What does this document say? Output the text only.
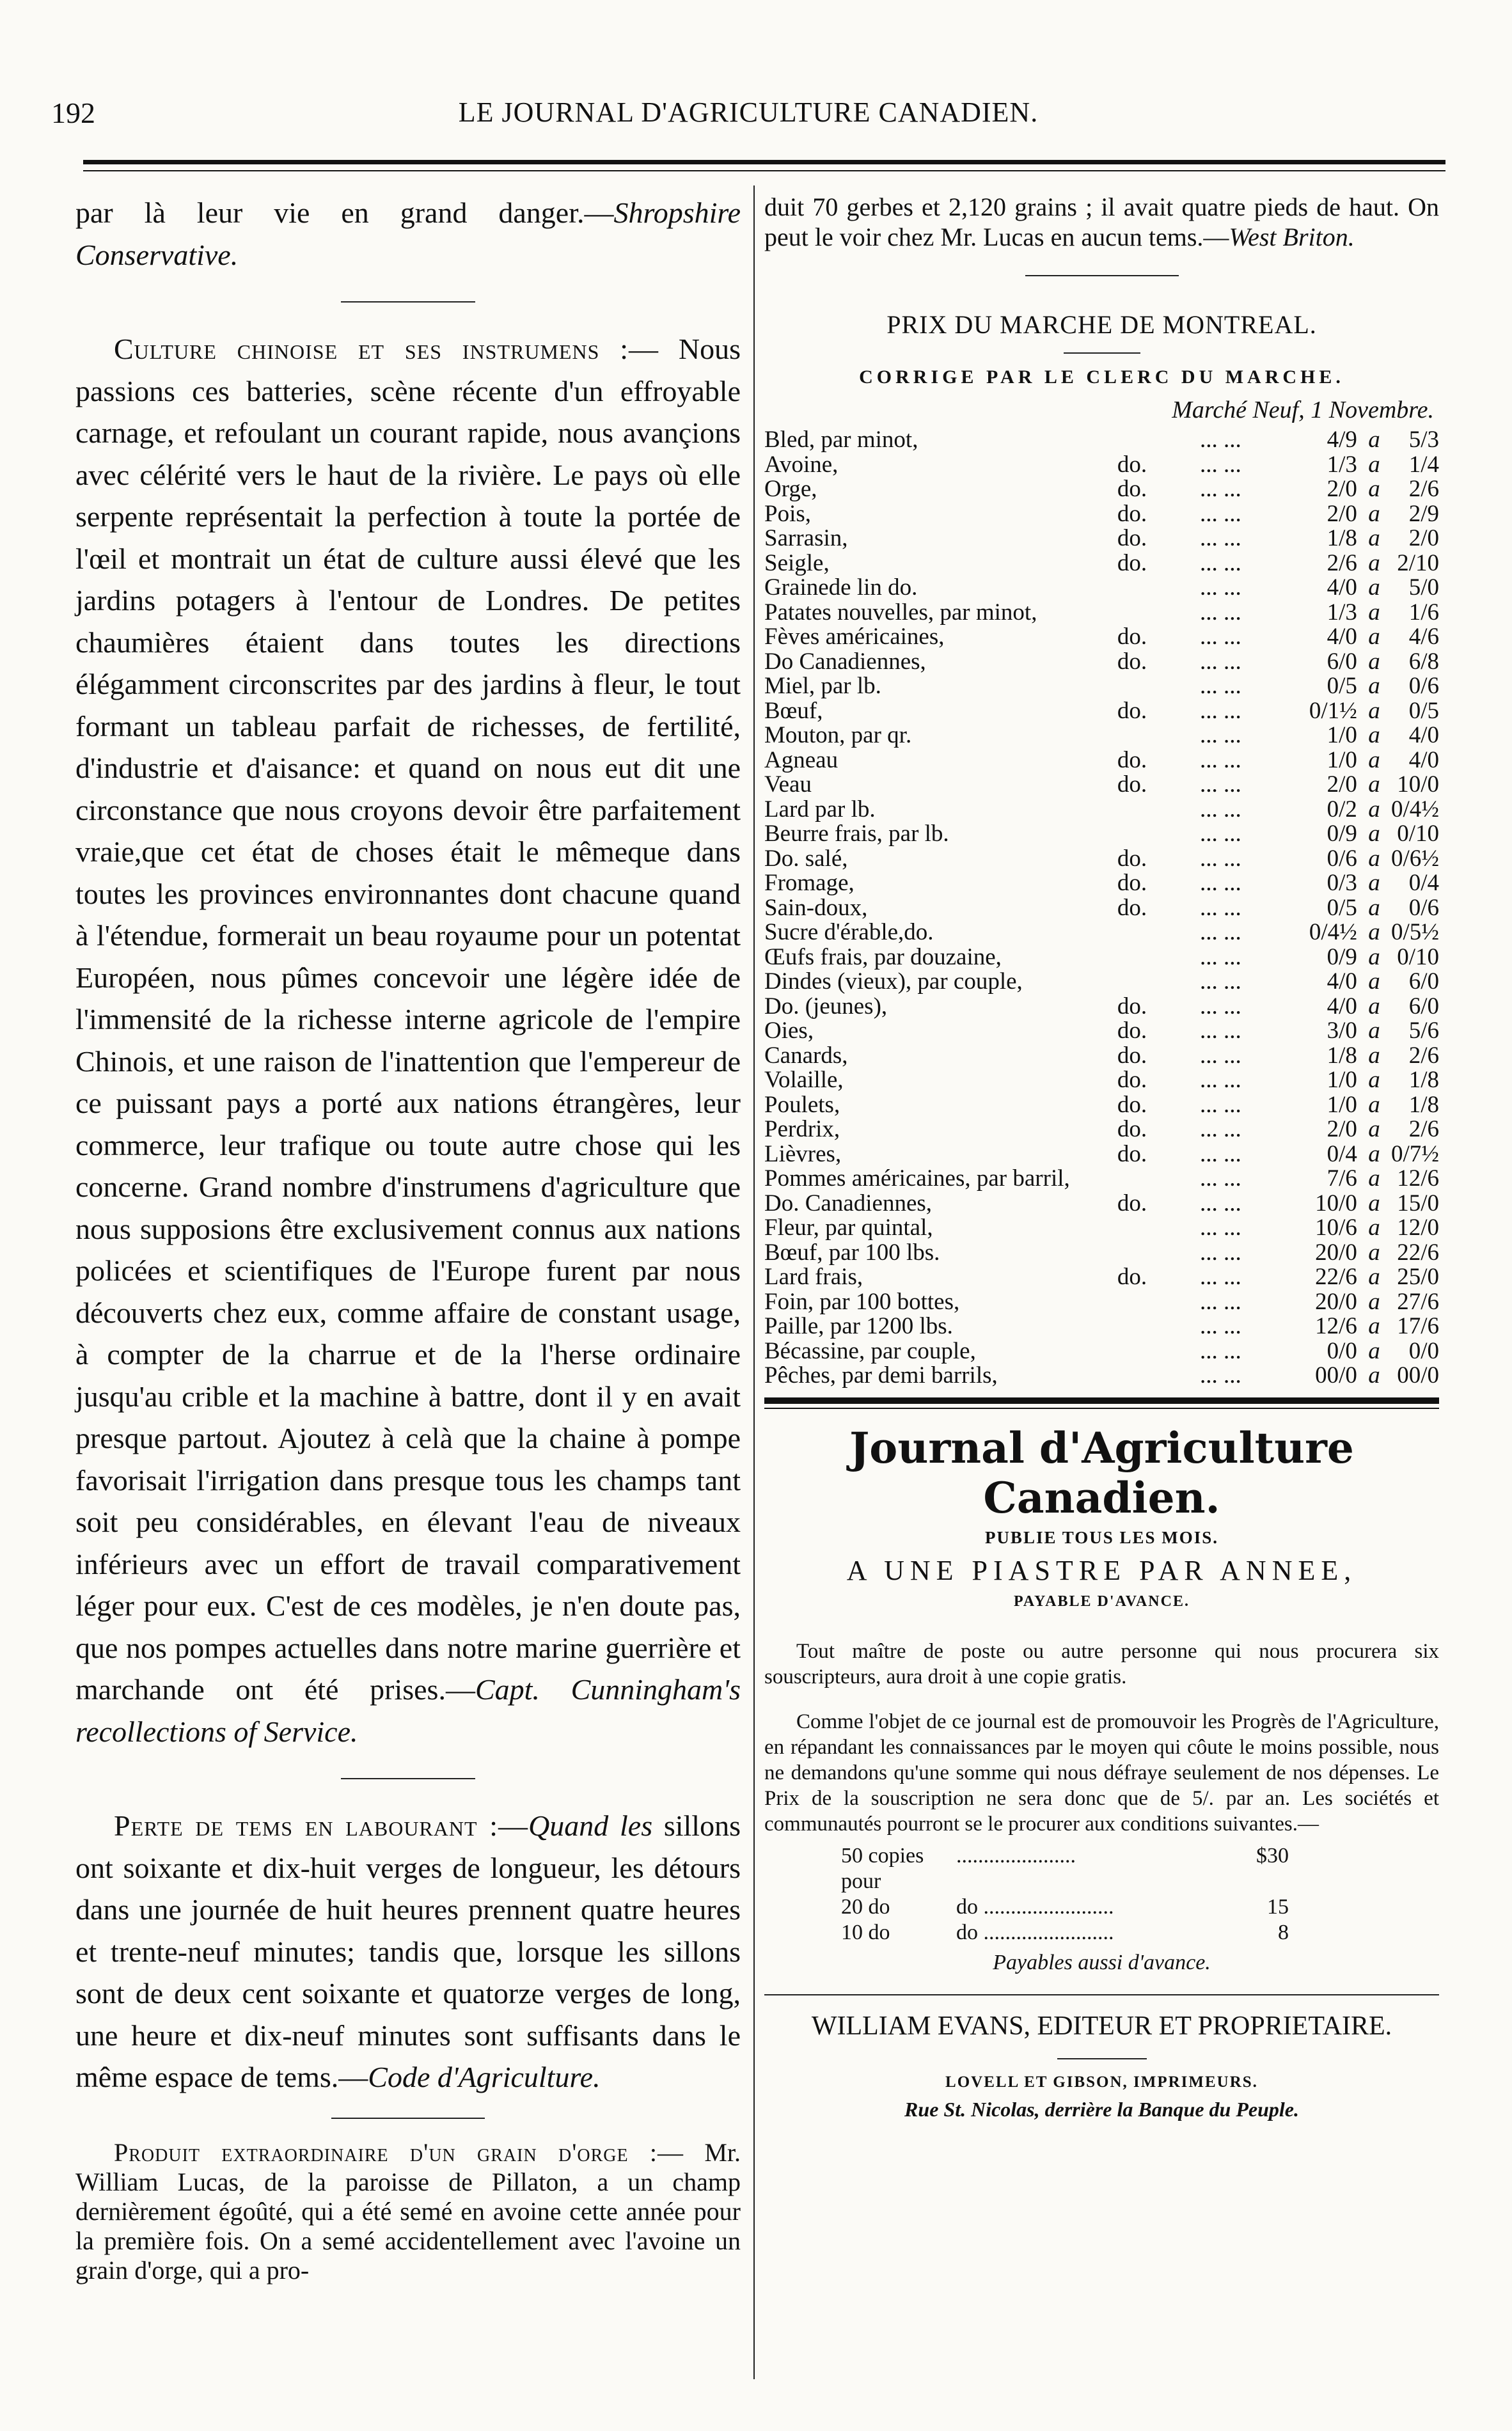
192	LE JOURNAL D'AGRICULTURE CANADIEN.

par là leur vie en grand danger.—Shropshire Conservative.

Culture chinoise et ses instrumens :— Nous passions ces batteries, scène récente d'un effroyable carnage, et refoulant un courant rapide, nous avançions avec célérité vers le haut de la rivière. Le pays où elle serpente représentait la perfection à toute la portée de l'œil et montrait un état de culture aussi élevé que les jardins potagers à l'entour de Londres. De petites chaumières étaient dans toutes les directions élégamment circonscrites par des jardins à fleur, le tout formant un tableau parfait de richesses, de fertilité, d'industrie et d'aisance: et quand on nous eut dit une circonstance que nous croyons devoir être parfaitement vraie,que cet état de choses était le mêmeque dans toutes les provinces environnantes dont chacune quand à l'étendue, formerait un beau royaume pour un potentat Européen, nous pûmes concevoir une légère idée de l'immensité de la richesse interne agricole de l'empire Chinois, et une raison de l'inattention que l'empereur de ce puissant pays a porté aux nations étrangères, leur commerce, leur trafique ou toute autre chose qui les concerne. Grand nombre d'instrumens d'agriculture que nous supposions être exclusivement connus aux nations policées et scientifiques de l'Europe furent par nous découverts chez eux, comme affaire de constant usage, à compter de la charrue et de la l'herse ordinaire jusqu'au crible et la machine à battre, dont il y en avait presque partout. Ajoutez à celà que la chaine à pompe favorisait l'irrigation dans presque tous les champs tant soit peu considérables, en élevant l'eau de niveaux inférieurs avec un effort de travail comparativement léger pour eux. C'est de ces modèles, je n'en doute pas, que nos pompes actuelles dans notre marine guerrière et marchande ont été prises.—Capt. Cunningham's recollections of Service.

Perte de tems en labourant :—Quand les sillons ont soixante et dix-huit verges de longueur, les détours dans une journée de huit heures prennent quatre heures et trente-neuf minutes; tandis que, lorsque les sillons sont de deux cent soixante et quatorze verges de long, une heure et dix-neuf minutes sont suffisants dans le même espace de tems.—Code d'Agriculture.

Produit extraordinaire d'un grain d'orge :— Mr. William Lucas, de la paroisse de Pillaton, a un champ dernièrement égoûté, qui a été semé en avoine cette année pour la première fois. On a semé accidentellement avec l'avoine un grain d'orge, qui a pro-

duit 70 gerbes et 2,120 grains ; il avait quatre pieds de haut. On peut le voir chez Mr. Lucas en aucun tems.—West Briton.

PRIX DU MARCHE DE MONTREAL.

CORRIGE PAR LE CLERC DU MARCHE.

Marché Neuf, 1 Novembre.

Bled, par minot,		... ...	4/9	a	5/3
Avoine,	do.	... ...	1/3	a	1/4
Orge,	do.	... ...	2/0	a	2/6
Pois,	do.	... ...	2/0	a	2/9
Sarrasin,	do.	... ...	1/8	a	2/0
Seigle,	do.	... ...	2/6	a	2/10
Grainede lin do.		... ...	4/0	a	5/0
Patates nouvelles, par minot,		... ...	1/3	a	1/6
Fèves américaines,	do.	... ...	4/0	a	4/6
Do Canadiennes,	do.	... ...	6/0	a	6/8
Miel, par lb.		... ...	0/5	a	0/6
Bœuf,	do.	... ...	0/1½	a	0/5
Mouton, par qr.		... ...	1/0	a	4/0
Agneau	do.	... ...	1/0	a	4/0
Veau	do.	... ...	2/0	a	10/0
Lard par lb.		... ...	0/2	a	0/4½
Beurre frais, par lb.		... ...	0/9	a	0/10
Do. salé,	do.	... ...	0/6	a	0/6½
Fromage,	do.	... ...	0/3	a	0/4
Sain-doux,	do.	... ...	0/5	a	0/6
Sucre d'érable,do.		... ...	0/4½	a	0/5½
Œufs frais, par douzaine,		... ...	0/9	a	0/10
Dindes (vieux), par couple,		... ...	4/0	a	6/0
Do. (jeunes),	do.	... ...	4/0	a	6/0
Oies,	do.	... ...	3/0	a	5/6
Canards,	do.	... ...	1/8	a	2/6
Volaille,	do.	... ...	1/0	a	1/8
Poulets,	do.	... ...	1/0	a	1/8
Perdrix,	do.	... ...	2/0	a	2/6
Lièvres,	do.	... ...	0/4	a	0/7½
Pommes américaines, par barril,		... ...	7/6	a	12/6
Do. Canadiennes,	do.	... ...	10/0	a	15/0
Fleur, par quintal,		... ...	10/6	a	12/0
Bœuf, par 100 lbs.		... ...	20/0	a	22/6
Lard frais,	do.	... ...	22/6	a	25/0
Foin, par 100 bottes,		... ...	20/0	a	27/6
Paille, par 1200 lbs.		... ...	12/6	a	17/6
Bécassine, par couple,		... ...	0/0	a	0/0
Pêches, par demi barrils,		... ...	00/0	a	00/0

Journal d'Agriculture Canadien.

PUBLIE TOUS LES MOIS.

A UNE PIASTRE PAR ANNEE,

PAYABLE D'AVANCE.

Tout maître de poste ou autre personne qui nous procurera six souscripteurs, aura droit à une copie gratis.

Comme l'objet de ce journal est de promouvoir les Progrès de l'Agriculture, en répandant les connaissances par le moyen qui côute le moins possible, nous ne demandons qu'une somme qui nous défraye seulement de nos dépenses. Le Prix de la souscription ne sera donc que de 5/. par an. Les sociétés et communautés pourront se le procurer aux conditions suivantes.—

50 copies pour
......................	$30
20 do	do ........................	15
10 do	do ........................	8

Payables aussi d'avance.

WILLIAM EVANS, EDITEUR ET PROPRIETAIRE.

LOVELL ET GIBSON, IMPRIMEURS.

Rue St. Nicolas, derrière la Banque du Peuple.
